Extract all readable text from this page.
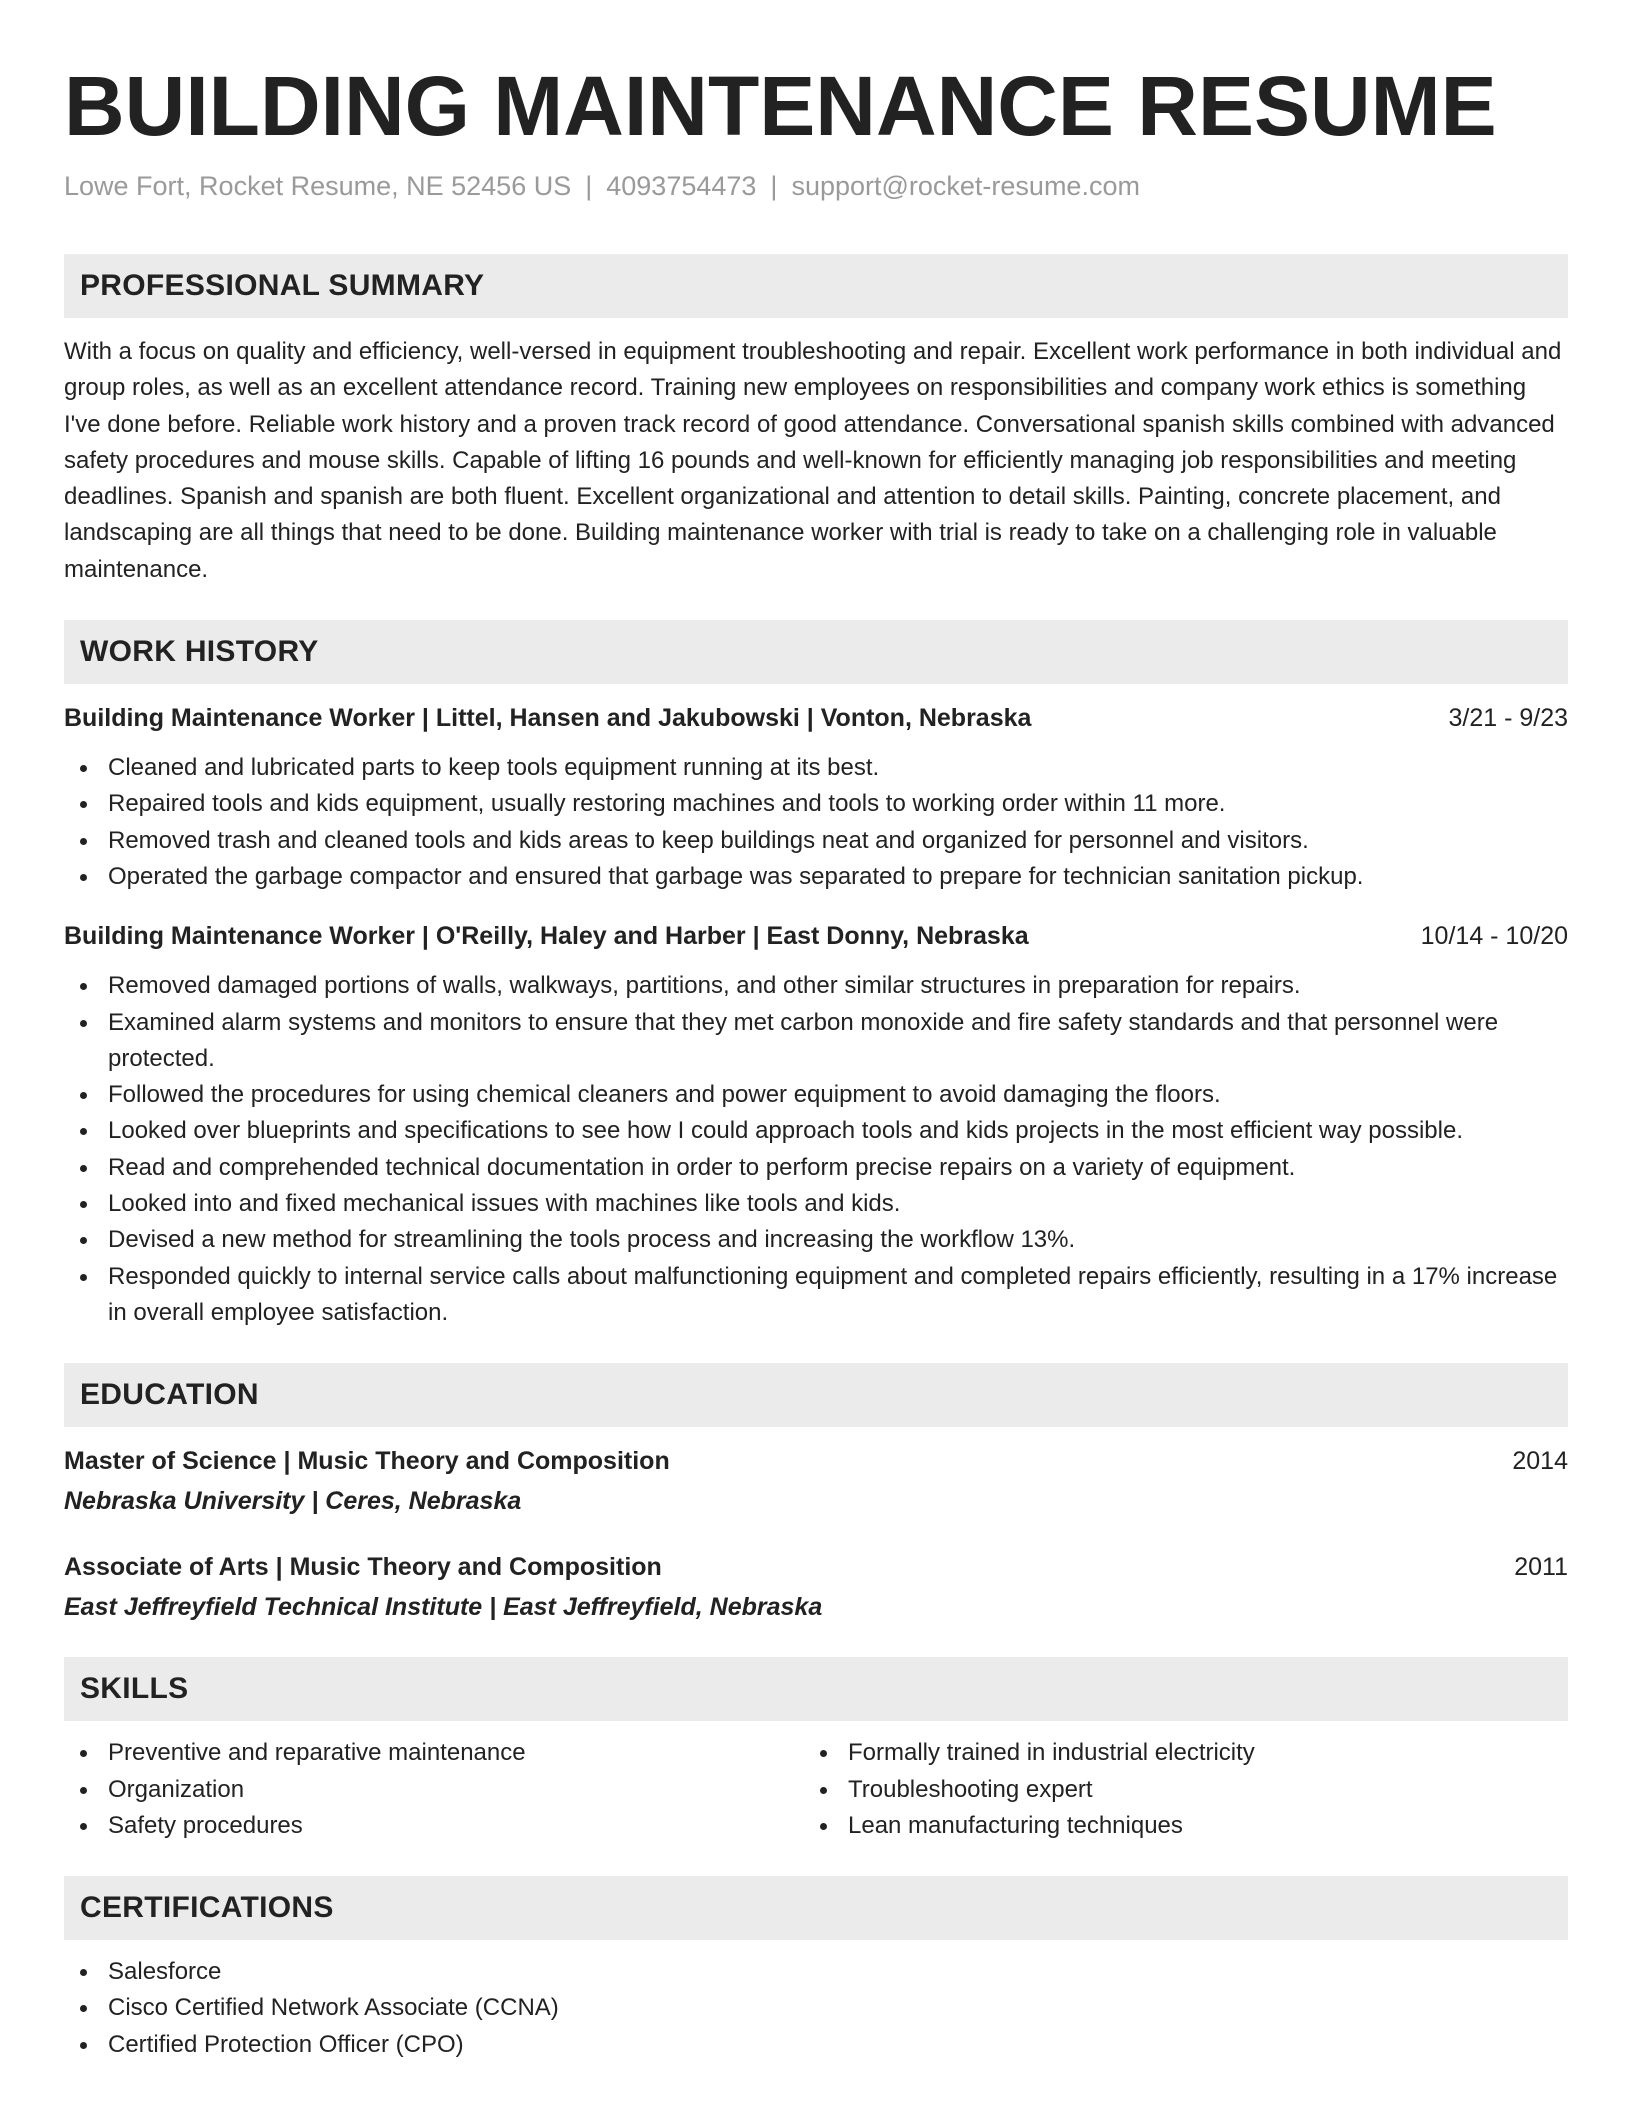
BUILDING MAINTENANCE RESUME
Lowe Fort, Rocket Resume, NE 52456 US | 4093754473 | support@rocket-resume.com
PROFESSIONAL SUMMARY
With a focus on quality and efficiency, well-versed in equipment troubleshooting and repair. Excellent work performance in both individual and group roles, as well as an excellent attendance record. Training new employees on responsibilities and company work ethics is something I've done before. Reliable work history and a proven track record of good attendance. Conversational spanish skills combined with advanced safety procedures and mouse skills. Capable of lifting 16 pounds and well-known for efficiently managing job responsibilities and meeting deadlines. Spanish and spanish are both fluent. Excellent organizational and attention to detail skills. Painting, concrete placement, and landscaping are all things that need to be done. Building maintenance worker with trial is ready to take on a challenging role in valuable maintenance.
WORK HISTORY
Building Maintenance Worker | Littel, Hansen and Jakubowski | Vonton, Nebraska	3/21 - 9/23
Cleaned and lubricated parts to keep tools equipment running at its best.
Repaired tools and kids equipment, usually restoring machines and tools to working order within 11 more.
Removed trash and cleaned tools and kids areas to keep buildings neat and organized for personnel and visitors.
Operated the garbage compactor and ensured that garbage was separated to prepare for technician sanitation pickup.
Building Maintenance Worker | O'Reilly, Haley and Harber | East Donny, Nebraska	10/14 - 10/20
Removed damaged portions of walls, walkways, partitions, and other similar structures in preparation for repairs.
Examined alarm systems and monitors to ensure that they met carbon monoxide and fire safety standards and that personnel were protected.
Followed the procedures for using chemical cleaners and power equipment to avoid damaging the floors.
Looked over blueprints and specifications to see how I could approach tools and kids projects in the most efficient way possible.
Read and comprehended technical documentation in order to perform precise repairs on a variety of equipment.
Looked into and fixed mechanical issues with machines like tools and kids.
Devised a new method for streamlining the tools process and increasing the workflow 13%.
Responded quickly to internal service calls about malfunctioning equipment and completed repairs efficiently, resulting in a 17% increase in overall employee satisfaction.
EDUCATION
Master of Science | Music Theory and Composition	2014
Nebraska University | Ceres, Nebraska
Associate of Arts | Music Theory and Composition	2011
East Jeffreyfield Technical Institute | East Jeffreyfield, Nebraska
SKILLS
Preventive and reparative maintenance
Organization
Safety procedures
Formally trained in industrial electricity
Troubleshooting expert
Lean manufacturing techniques
CERTIFICATIONS
Salesforce
Cisco Certified Network Associate (CCNA)
Certified Protection Officer (CPO)
